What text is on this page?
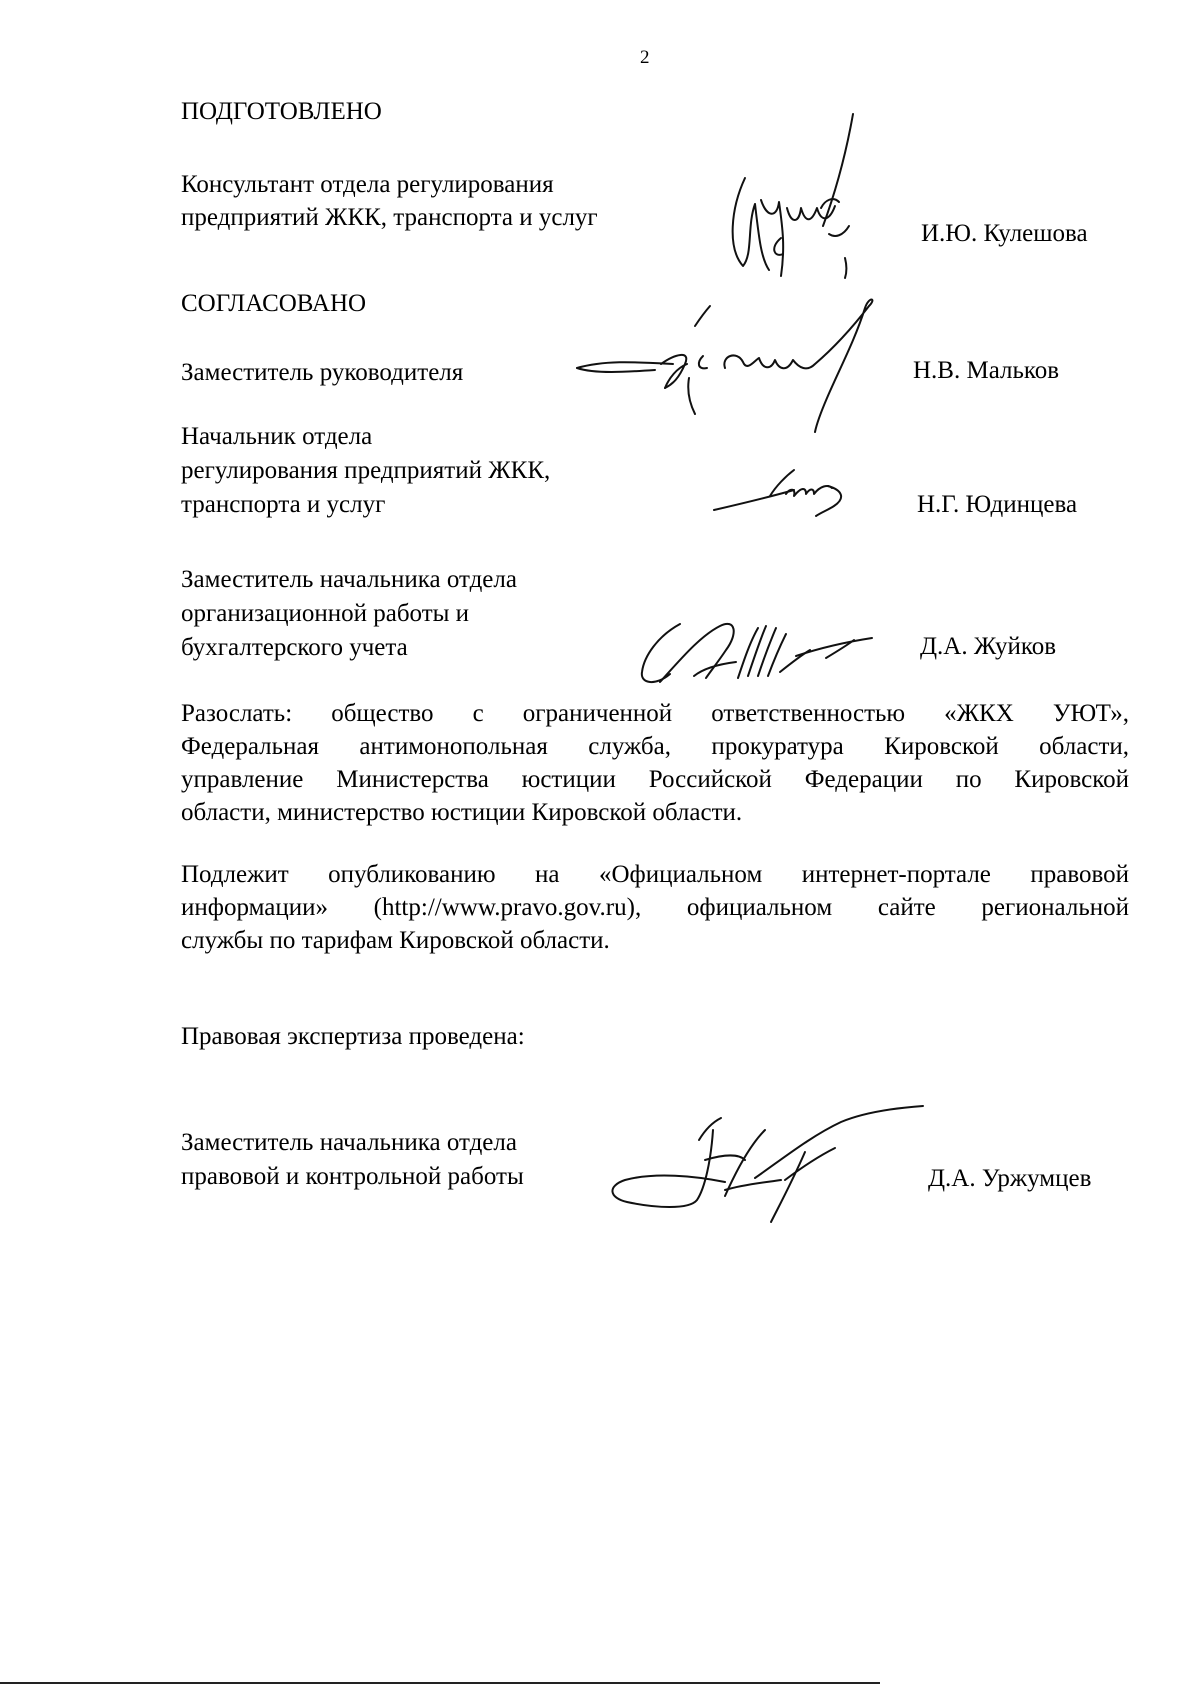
2
ПОДГОТОВЛЕНО
Консультант отдела регулирования
предприятий ЖКК, транспорта и услуг
И.Ю. Кулешова
СОГЛАСОВАНО
Заместитель руководителя	Н.В. Мальков
Начальник отдела
регулирования предприятий ЖКК,
транспорта и услуг	Н.Г. Юдинцева
Заместитель начальника отдела
организационной работы и
бухгалтерского учета	Д.А. Жуйков
Разослать: общество с ограниченной ответственностью «ЖКХ УЮТ»,
Федеральная антимонопольная служба, прокуратура Кировской области,
управление Министерства юстиции Российской Федерации по Кировской
области, министерство юстиции Кировской области.
Подлежит опубликованию на «Официальном интернет-портале правовой
информации» (http://www.pravo.gov.ru), официальном сайте региональной
службы по тарифам Кировской области.
Правовая экспертиза проведена:
Заместитель начальника отдела
правовой и контрольной работы	Д.А. Уржумцев
